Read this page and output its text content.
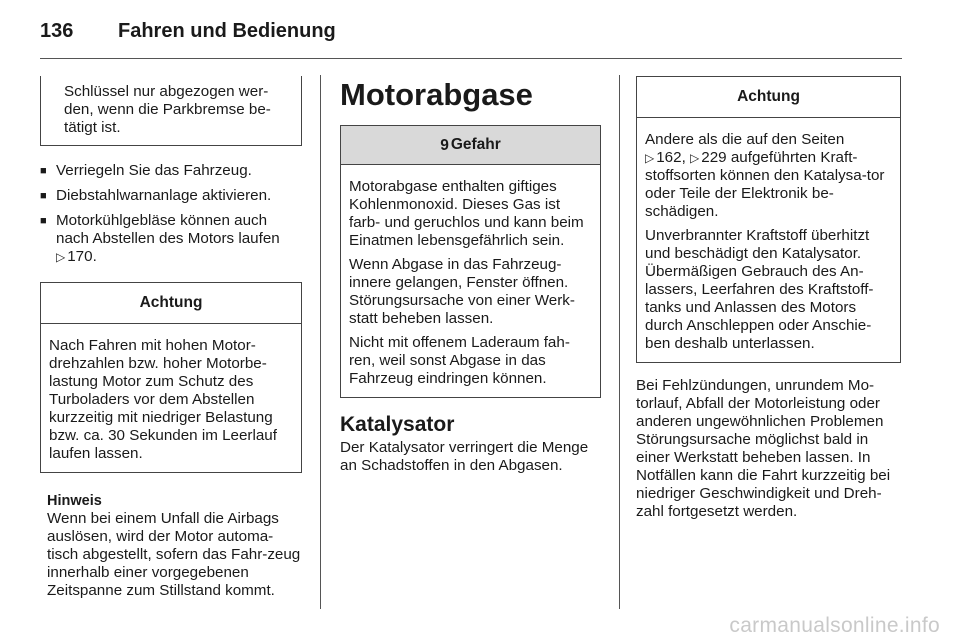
136 Fahren und Bedienung

Schlüssel nur abgezogen wer-den, wenn die Parkbremse be-tätigt ist.

■ Verriegeln Sie das Fahrzeug.
■ Diebstahlwarnanlage aktivieren.
■ Motorkühlgebläse können auch nach Abstellen des Motors laufen
▷ 170.
Achtung

Nach Fahren mit hohen Motor-drehzahlen bzw. hoher Motorbe-lastung Motor zum Schutz des Turboladers vor dem Abstellen kurzzeitig mit niedriger Belastung bzw. ca. 30 Sekunden im Leerlauf laufen lassen.

Hinweis

Wenn bei einem Unfall die Airbags auslösen, wird der Motor automa-tisch abgestellt, sofern das Fahr-zeug innerhalb einer vorgegebenen Zeitspanne zum Stillstand kommt.

Motorabgase
9 Gefahr

Motorabgase enthalten giftiges Kohlenmonoxid. Dieses Gas ist farb- und geruchlos und kann beim Einatmen lebensgefährlich sein.

Wenn Abgase in das Fahrzeug-innere gelangen, Fenster öffnen. Störungsursache von einer Werk-statt beheben lassen.

Nicht mit offenem Laderaum fah-ren, weil sonst Abgase in das Fahrzeug eindringen können.

Katalysator

Der Katalysator verringert die Menge an Schadstoffen in den Abgasen.

Achtung

Andere als die auf den Seiten
▷ 162, ▷ 229 aufgeführten Kraft-stoffsorten können den Katalysa-tor oder Teile der Elektronik be-schädigen.

Unverbrannter Kraftstoff überhitzt und beschädigt den Katalysator. Übermäßigen Gebrauch des An-lassers, Leerfahren des Kraftstoff-tanks und Anlassen des Motors durch Anschleppen oder Anschie-ben deshalb unterlassen.

Bei Fehlzündungen, unrundem Mo-torlauf, Abfall der Motorleistung oder anderen ungewöhnlichen Problemen Störungsursache möglichst bald in einer Werkstatt beheben lassen. In Notfällen kann die Fahrt kurzzeitig bei niedriger Geschwindigkeit und Dreh-zahl fortgesetzt werden.

carmanualsonline.info
